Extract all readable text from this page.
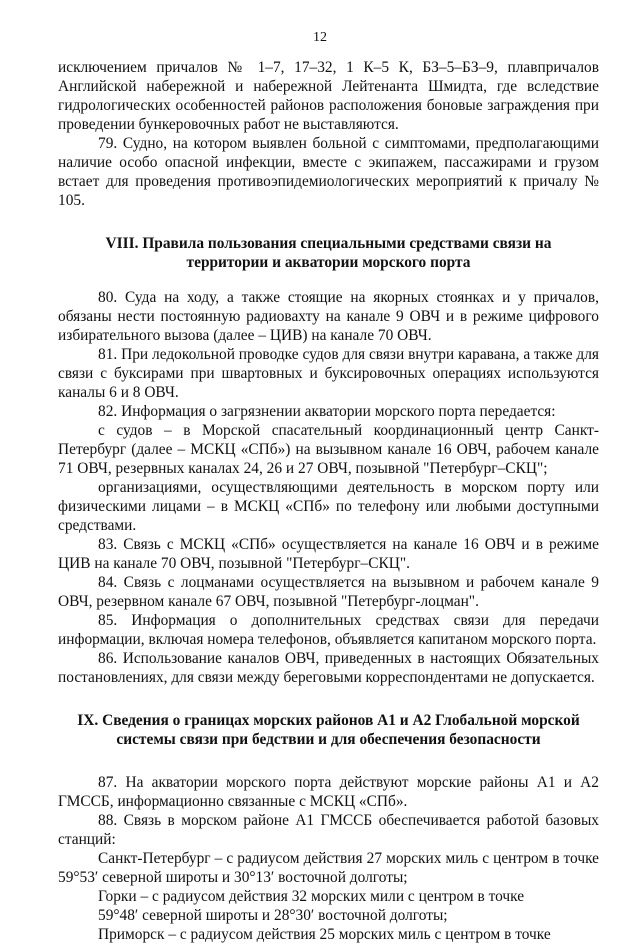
12

исключением причалов № 1–7, 17–32, 1 К–5 К, БЗ–5–БЗ–9, плавпричалов Английской набережной и набережной Лейтенанта Шмидта, где вследствие гидрологических особенностей районов расположения боновые заграждения при проведении бункеровочных работ не выставляются.

79. Судно, на котором выявлен больной с симптомами, предполагающими наличие особо опасной инфекции, вместе с экипажем, пассажирами и грузом встает для проведения противоэпидемиологических мероприятий к причалу № 105.

VIII. Правила пользования специальными средствами связи на
территории и акватории морского порта

80. Суда на ходу, а также стоящие на якорных стоянках и у причалов, обязаны нести постоянную радиовахту на канале 9 ОВЧ и в режиме цифрового избирательного вызова (далее – ЦИВ) на канале 70 ОВЧ.

81. При ледокольной проводке судов для связи внутри каравана, а также для связи с буксирами при швартовных и буксировочных операциях используются каналы 6 и 8 ОВЧ.

82. Информация о загрязнении акватории морского порта передается:

с судов – в Морской спасательный координационный центр Санкт-Петербург (далее – МСКЦ «СПб») на вызывном канале 16 ОВЧ, рабочем канале 71 ОВЧ, резервных каналах 24, 26 и 27 ОВЧ, позывной "Петербург–СКЦ";

организациями, осуществляющими деятельность в морском порту или физическими лицами – в МСКЦ «СПб» по телефону или любыми доступными средствами.

83. Связь с МСКЦ «СПб» осуществляется на канале 16 ОВЧ и в режиме ЦИВ на канале 70 ОВЧ, позывной "Петербург–СКЦ".

84. Связь с лоцманами осуществляется на вызывном и рабочем канале 9 ОВЧ, резервном канале 67 ОВЧ, позывной "Петербург-лоцман".

85. Информация о дополнительных средствах связи для передачи информации, включая номера телефонов, объявляется капитаном морского порта.

86. Использование каналов ОВЧ, приведенных в настоящих Обязательных постановлениях, для связи между береговыми корреспондентами не допускается.

IX. Сведения о границах морских районов А1 и А2 Глобальной морской
системы связи при бедствии и для обеспечения безопасности

87. На акватории морского порта действуют морские районы А1 и А2 ГМССБ, информационно связанные с МСКЦ «СПб».

88. Связь в морском районе А1 ГМССБ обеспечивается работой базовых станций:

Санкт-Петербург – с радиусом действия 27 морских миль с центром в точке 59°53′ северной широты и 30°13′ восточной долготы;

Горки – с радиусом действия 32 морских мили с центром в точке

59°48′ северной широты и 28°30′ восточной долготы;

Приморск – с радиусом действия 25 морских миль с центром в точке
